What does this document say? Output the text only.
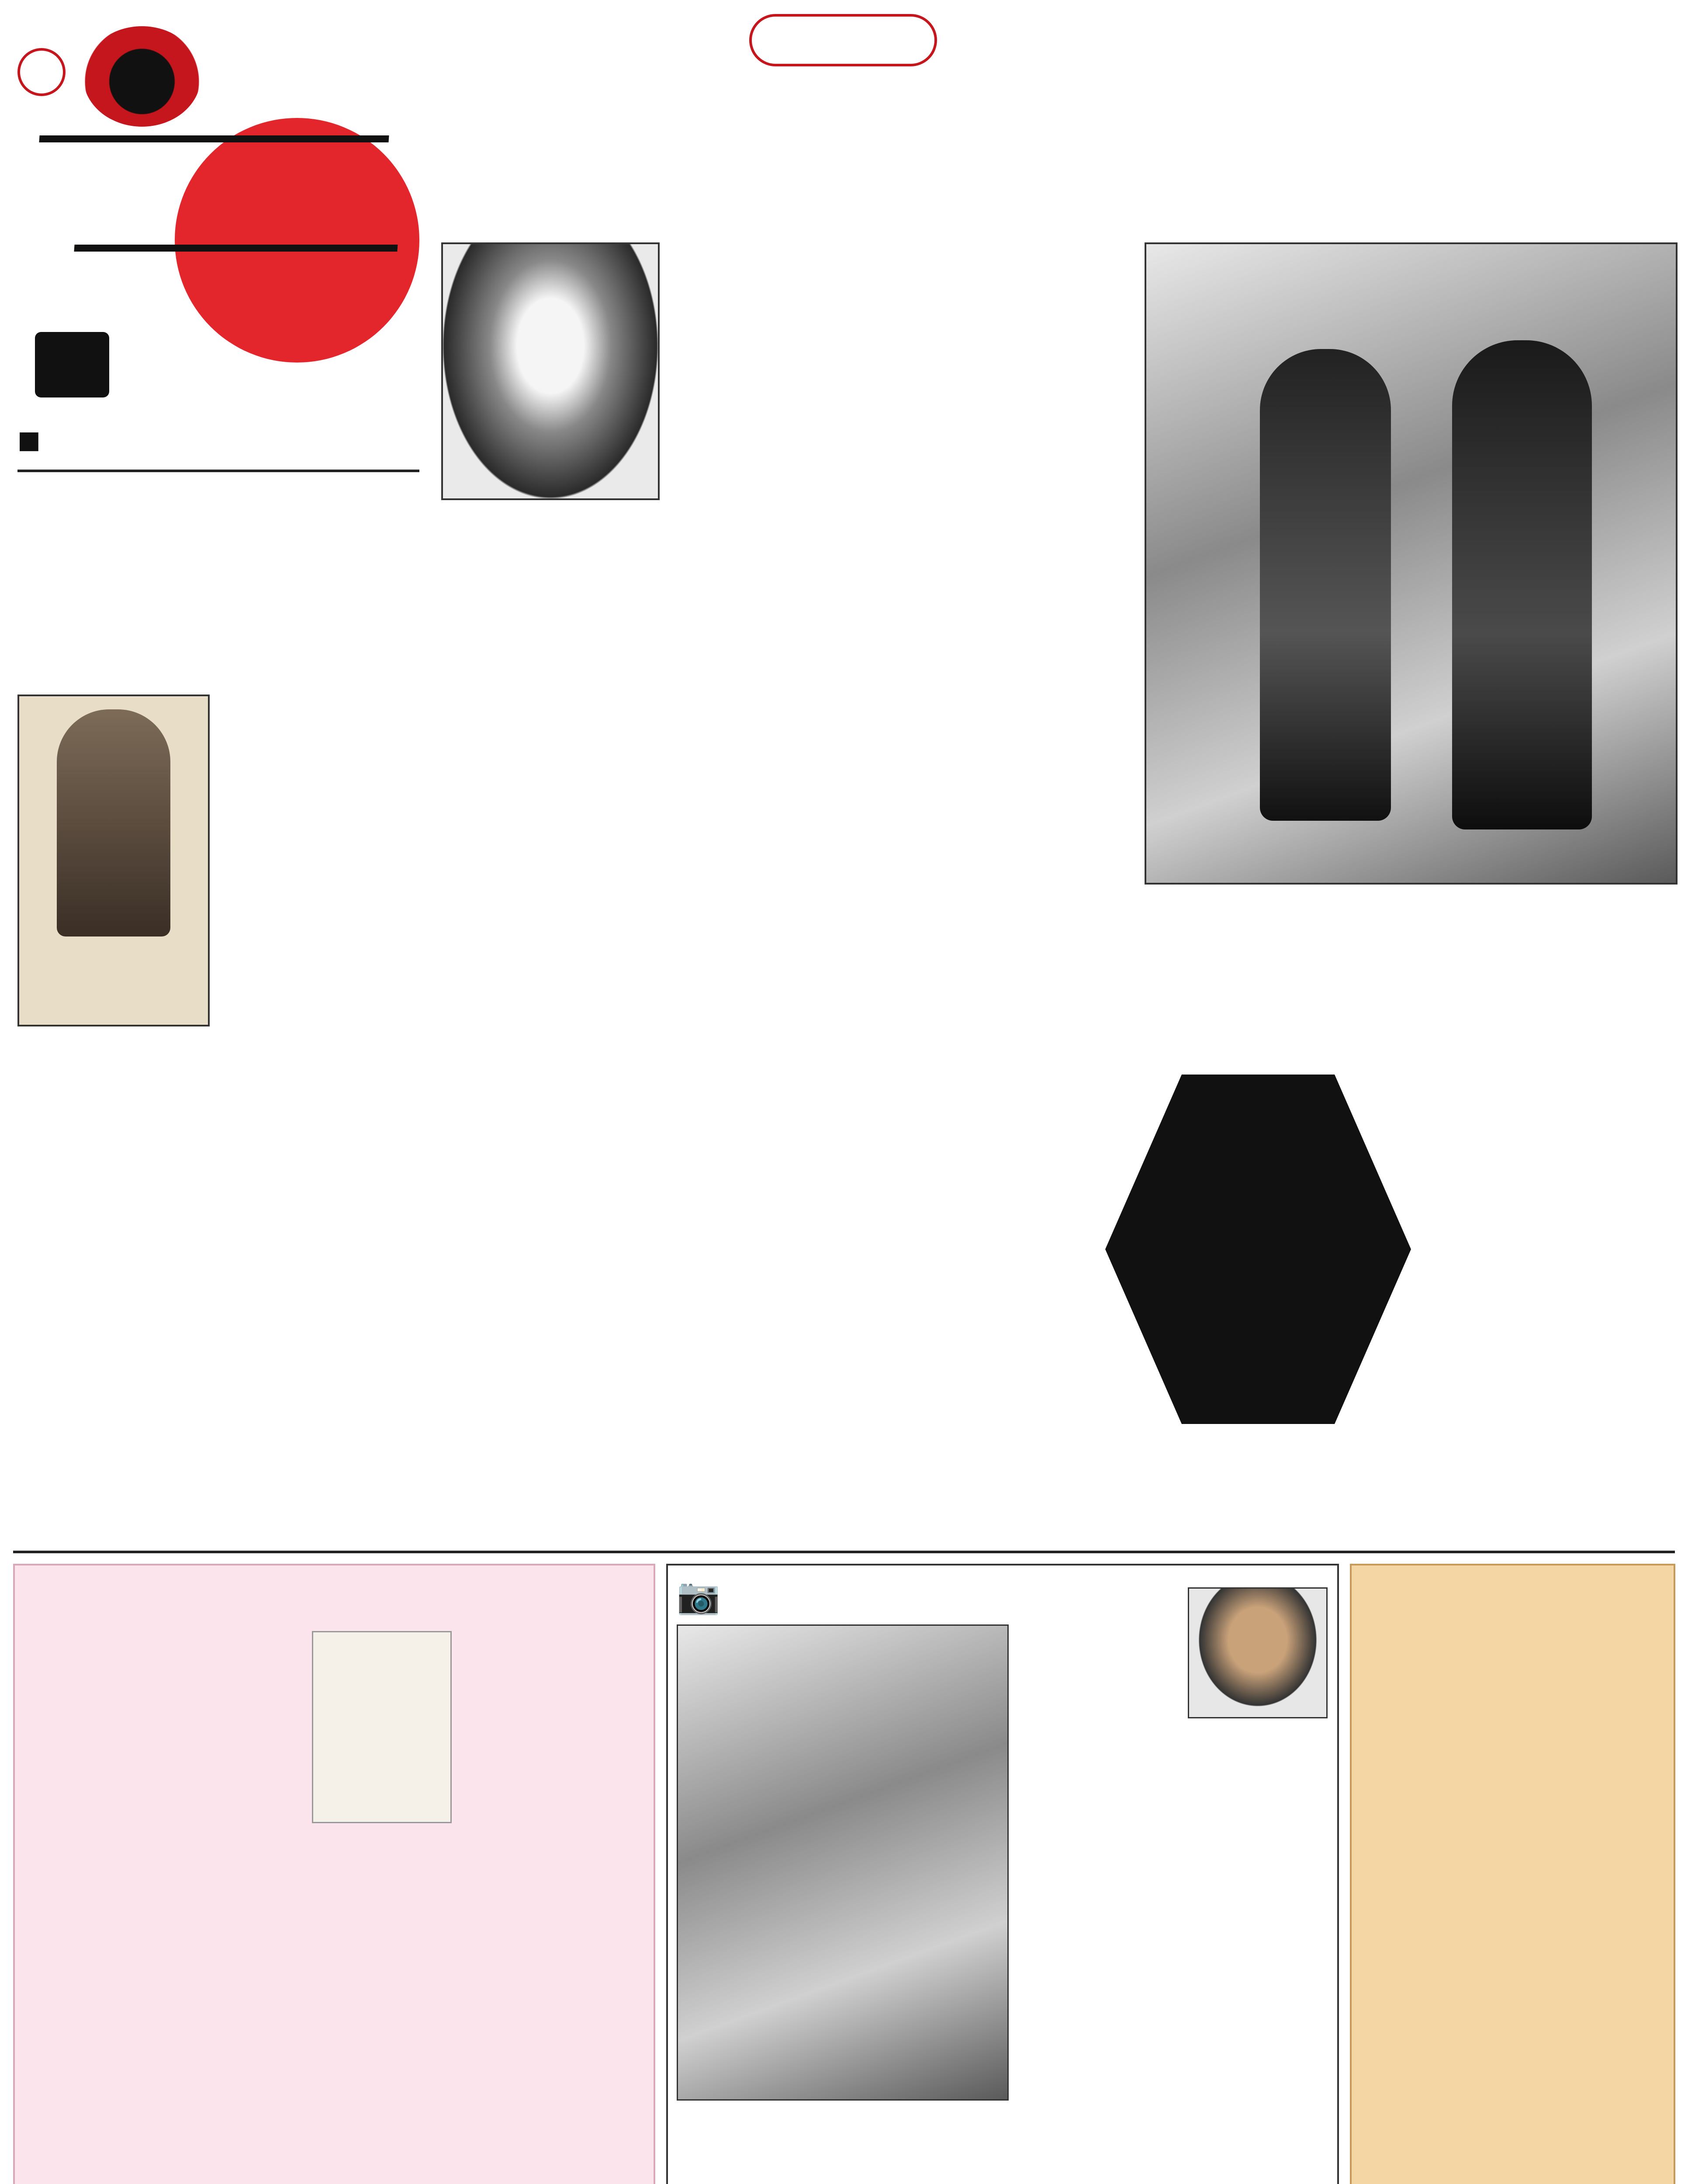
■

📷
